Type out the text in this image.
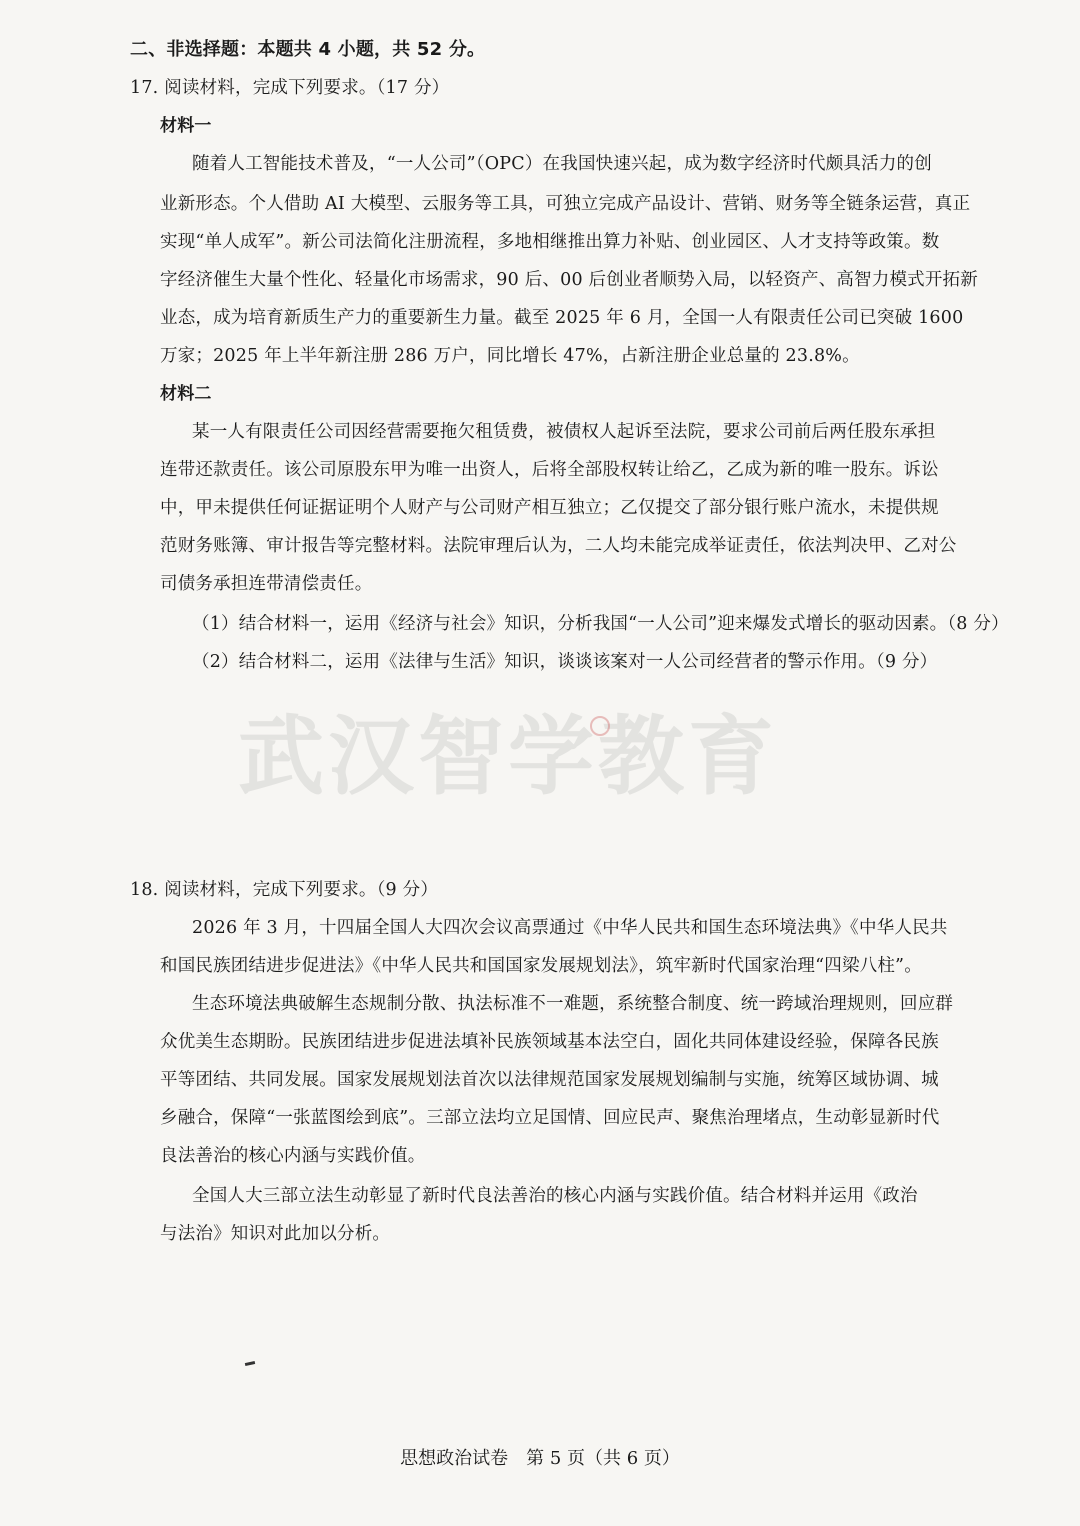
二、非选择题：本题共 4 小题，共 52 分。
17. 阅读材料，完成下列要求。（17 分）
材料一
随着人工智能技术普及，“一人公司”（OPC）在我国快速兴起，成为数字经济时代颇具活力的创
业新形态。个人借助 AI 大模型、云服务等工具，可独立完成产品设计、营销、财务等全链条运营，真正
实现“单人成军”。新公司法简化注册流程，多地相继推出算力补贴、创业园区、人才支持等政策。数
字经济催生大量个性化、轻量化市场需求，90 后、00 后创业者顺势入局，以轻资产、高智力模式开拓新
业态，成为培育新质生产力的重要新生力量。截至 2025 年 6 月，全国一人有限责任公司已突破 1600
万家；2025 年上半年新注册 286 万户，同比增长 47%，占新注册企业总量的 23.8%。
材料二
某一人有限责任公司因经营需要拖欠租赁费，被债权人起诉至法院，要求公司前后两任股东承担
连带还款责任。该公司原股东甲为唯一出资人，后将全部股权转让给乙，乙成为新的唯一股东。诉讼
中，甲未提供任何证据证明个人财产与公司财产相互独立；乙仅提交了部分银行账户流水，未提供规
范财务账簿、审计报告等完整材料。法院审理后认为，二人均未能完成举证责任，依法判决甲、乙对公
司债务承担连带清偿责任。
（1）结合材料一，运用《经济与社会》知识，分析我国“一人公司”迎来爆发式增长的驱动因素。（8 分）
（2）结合材料二，运用《法律与生活》知识，谈谈该案对一人公司经营者的警示作用。（9 分）
武汉智学教育
18. 阅读材料，完成下列要求。（9 分）
2026 年 3 月，十四届全国人大四次会议高票通过《中华人民共和国生态环境法典》《中华人民共
和国民族团结进步促进法》《中华人民共和国国家发展规划法》，筑牢新时代国家治理“四梁八柱”。
生态环境法典破解生态规制分散、执法标准不一难题，系统整合制度、统一跨域治理规则，回应群
众优美生态期盼。民族团结进步促进法填补民族领域基本法空白，固化共同体建设经验，保障各民族
平等团结、共同发展。国家发展规划法首次以法律规范国家发展规划编制与实施，统筹区域协调、城
乡融合，保障“一张蓝图绘到底”。三部立法均立足国情、回应民声、聚焦治理堵点，生动彰显新时代
良法善治的核心内涵与实践价值。
全国人大三部立法生动彰显了新时代良法善治的核心内涵与实践价值。结合材料并运用《政治
与法治》知识对此加以分析。
思想政治试卷　第 5 页（共 6 页）
